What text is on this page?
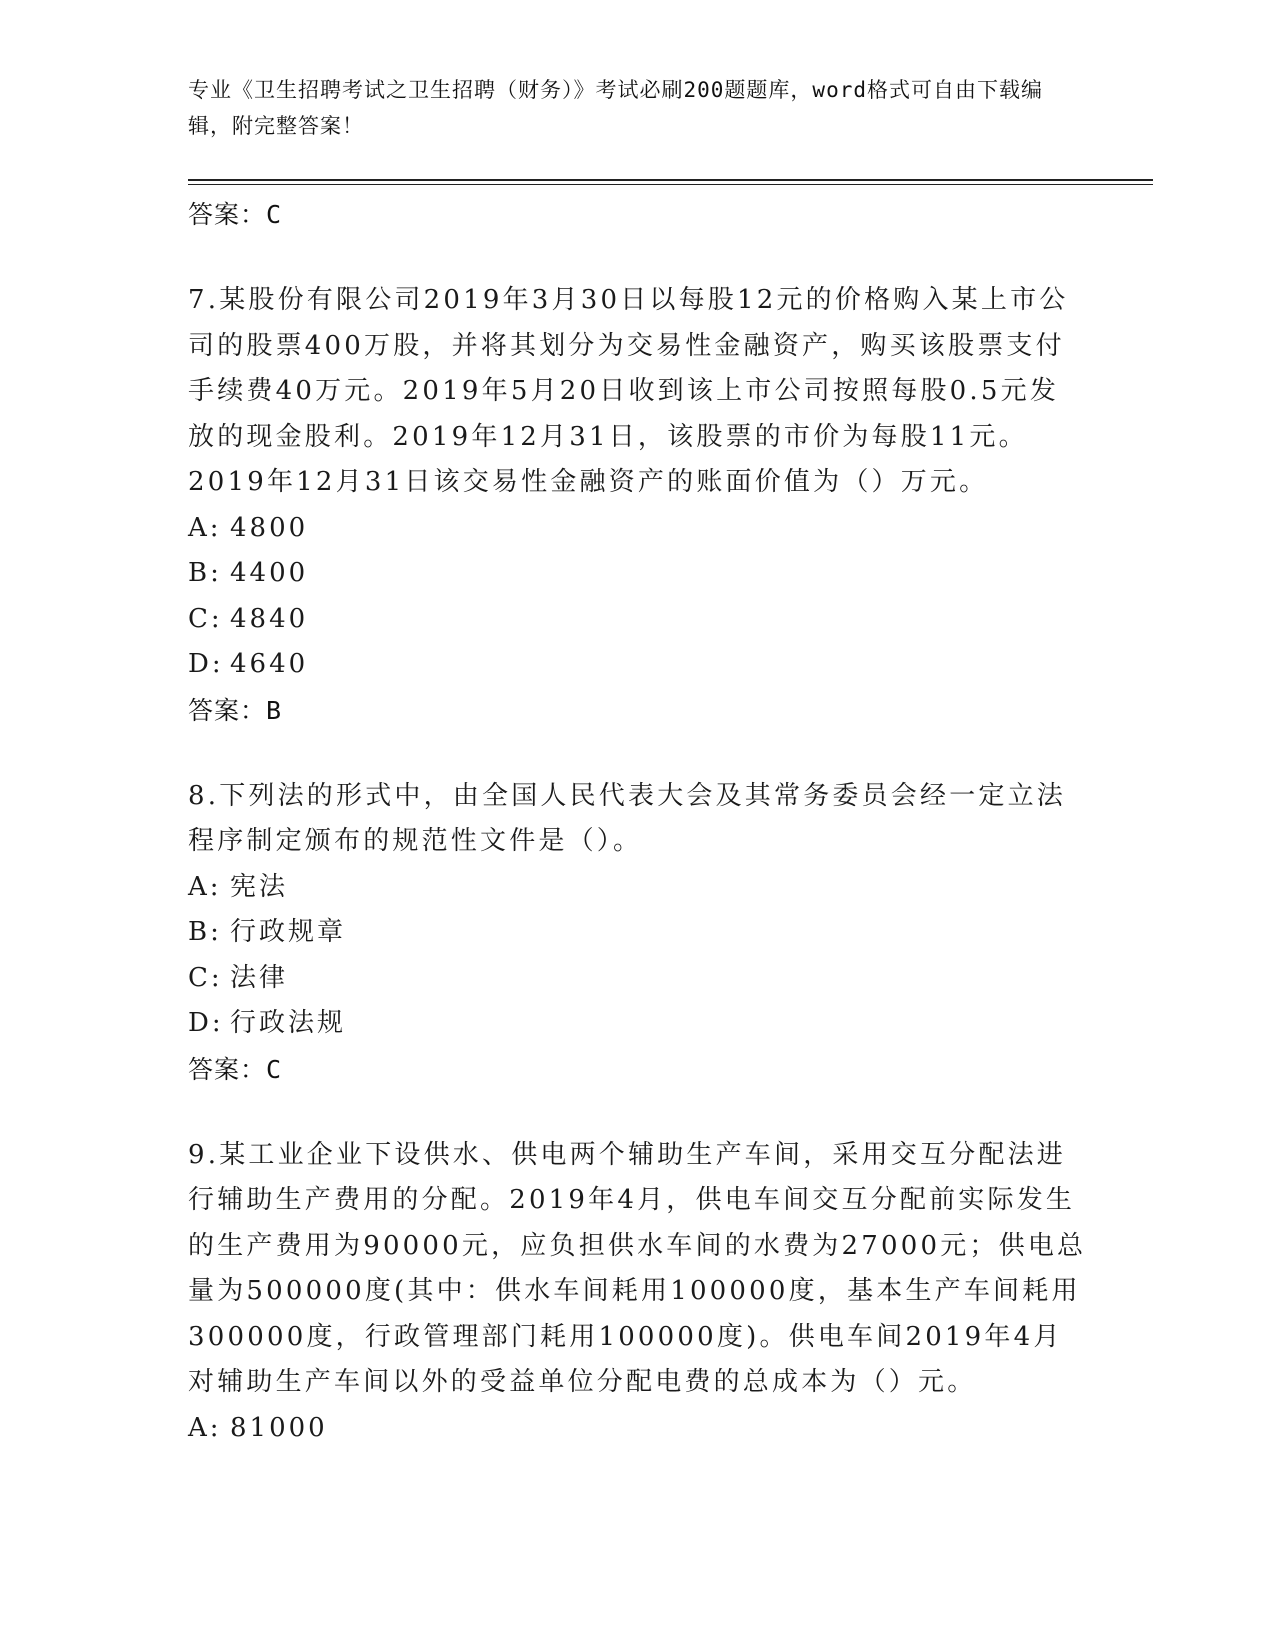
专业《卫生招聘考试之卫生招聘（财务）》考试必刷200题题库，word格式可自由下载编辑，附完整答案！
答案：C

7.某股份有限公司2019年3月30日以每股12元的价格购入某上市公司的股票400万股，并将其划分为交易性金融资产，购买该股票支付手续费40万元。2019年5月20日收到该上市公司按照每股0.5元发放的现金股利。2019年12月31日，该股票的市价为每股11元。2019年12月31日该交易性金融资产的账面价值为（）万元。

A: 4800
B: 4400
C: 4840
D: 4640
答案：B

8.下列法的形式中，由全国人民代表大会及其常务委员会经一定立法程序制定颁布的规范性文件是（）。

A: 宪法
B: 行政规章
C: 法律
D: 行政法规
答案：C

9.某工业企业下设供水、供电两个辅助生产车间，采用交互分配法进行辅助生产费用的分配。2019年4月，供电车间交互分配前实际发生的生产费用为90000元，应负担供水车间的水费为27000元；供电总量为500000度(其中：供水车间耗用100000度，基本生产车间耗用300000度，行政管理部门耗用100000度)。供电车间2019年4月对辅助生产车间以外的受益单位分配电费的总成本为（）元。

A: 81000
